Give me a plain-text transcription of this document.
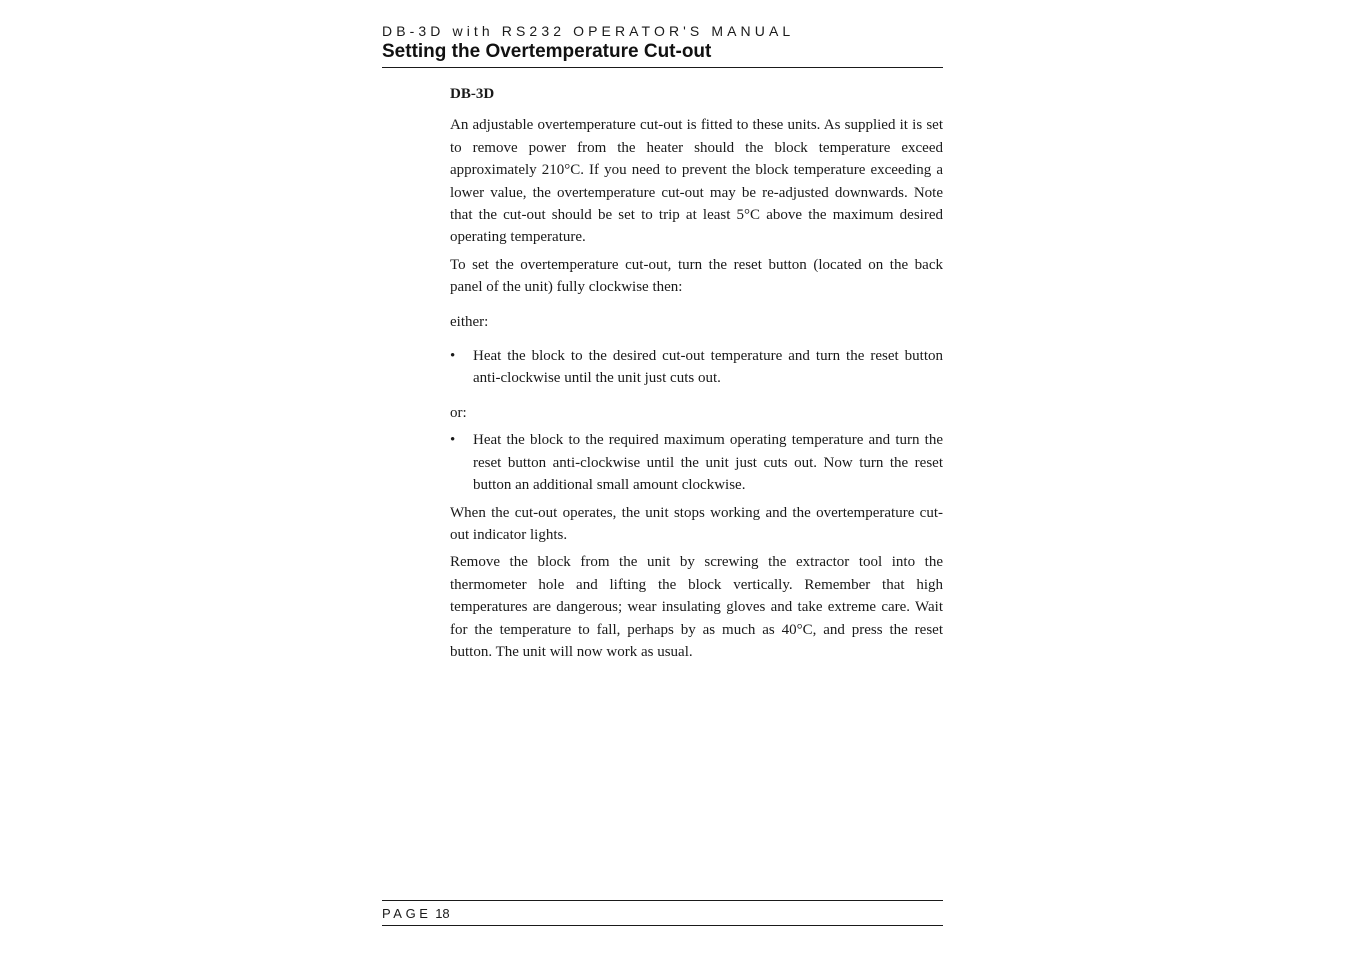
DB-3D with RS232 OPERATOR'S MANUAL
Setting the Overtemperature Cut-out

DB-3D

An adjustable overtemperature cut-out is fitted to these units. As supplied it is set to remove power from the heater should the block temperature exceed approximately 210°C. If you need to prevent the block temperature exceeding a lower value, the overtemperature cut-out may be re-adjusted downwards. Note that the cut-out should be set to trip at least 5°C above the maximum desired operating temperature.

To set the overtemperature cut-out, turn the reset button (located on the back panel of the unit) fully clockwise then:

either:

• Heat the block to the desired cut-out temperature and turn the reset button anti-clockwise until the unit just cuts out.

or:

• Heat the block to the required maximum operating temperature and turn the reset button anti-clockwise until the unit just cuts out. Now turn the reset button an additional small amount clockwise.

When the cut-out operates, the unit stops working and the overtemperature cut-out indicator lights.

Remove the block from the unit by screwing the extractor tool into the thermometer hole and lifting the block vertically. Remember that high temperatures are dangerous; wear insulating gloves and take extreme care. Wait for the temperature to fall, perhaps by as much as 40°C, and press the reset button. The unit will now work as usual.

PAGE 18
